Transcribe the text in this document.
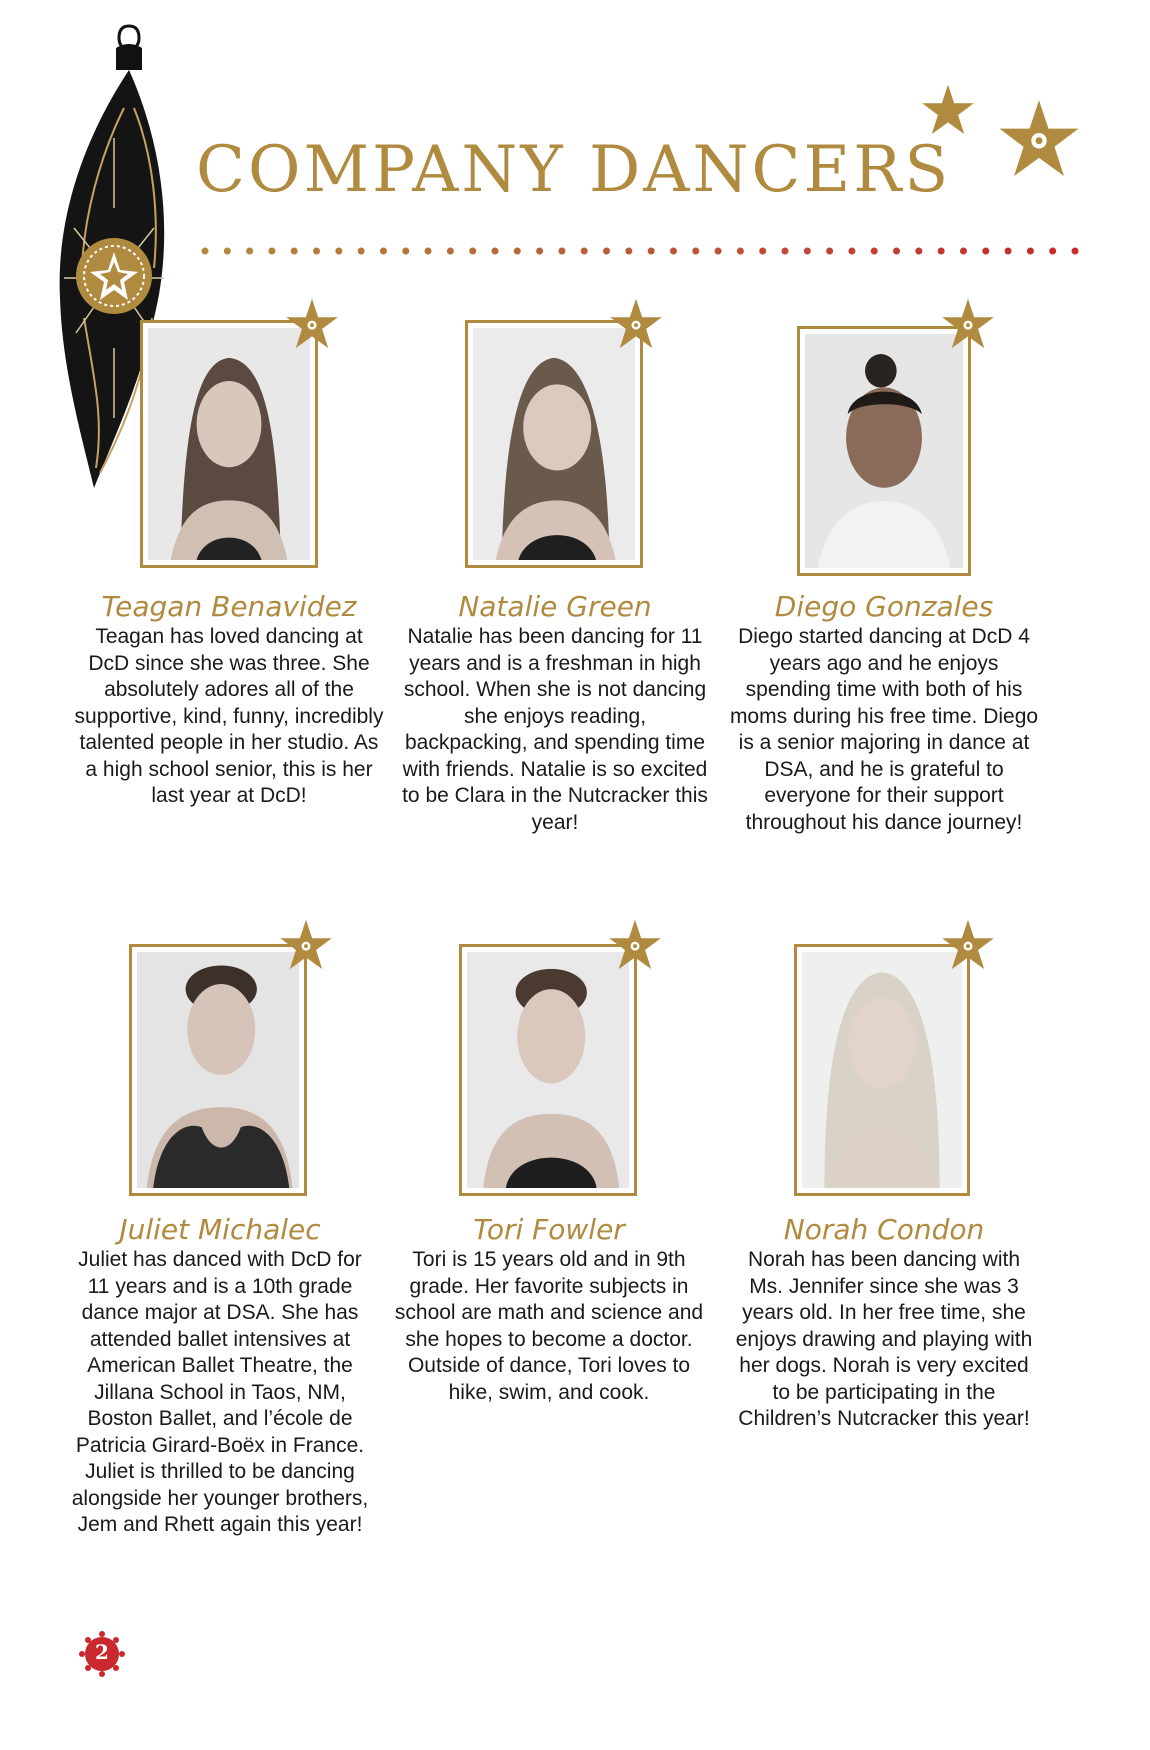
COMPANY DANCERS
Teagan Benavidez

Teagan has loved dancing at DcD since she was three. She absolutely adores all of the supportive, kind, funny, incredibly talented people in her studio. As a high school senior, this is her last year at DcD!

Natalie Green

Natalie has been dancing for 11 years and is a freshman in high school. When she is not dancing she enjoys reading, backpacking, and spending time with friends. Natalie is so excited to be Clara in the Nutcracker this year!

Diego Gonzales

Diego started dancing at DcD 4 years ago and he enjoys spending time with both of his moms during his free time. Diego is a senior majoring in dance at DSA, and he is grateful to everyone for their support throughout his dance journey!

Juliet Michalec

Juliet has danced with DcD for 11 years and is a 10th grade dance major at DSA. She has attended ballet intensives at American Ballet Theatre, the Jillana School in Taos, NM, Boston Ballet, and l’école de Patricia Girard-Boëx in France. Juliet is thrilled to be dancing alongside her younger brothers, Jem and Rhett again this year!

Tori Fowler

Tori is 15 years old and in 9th grade. Her favorite subjects in school are math and science and she hopes to become a doctor. Outside of dance, Tori loves to hike, swim, and cook.

Norah Condon

Norah has been dancing with Ms. Jennifer since she was 3 years old. In her free time, she enjoys drawing and playing with her dogs. Norah is very excited to be participating in the Children’s Nutcracker this year!

2
